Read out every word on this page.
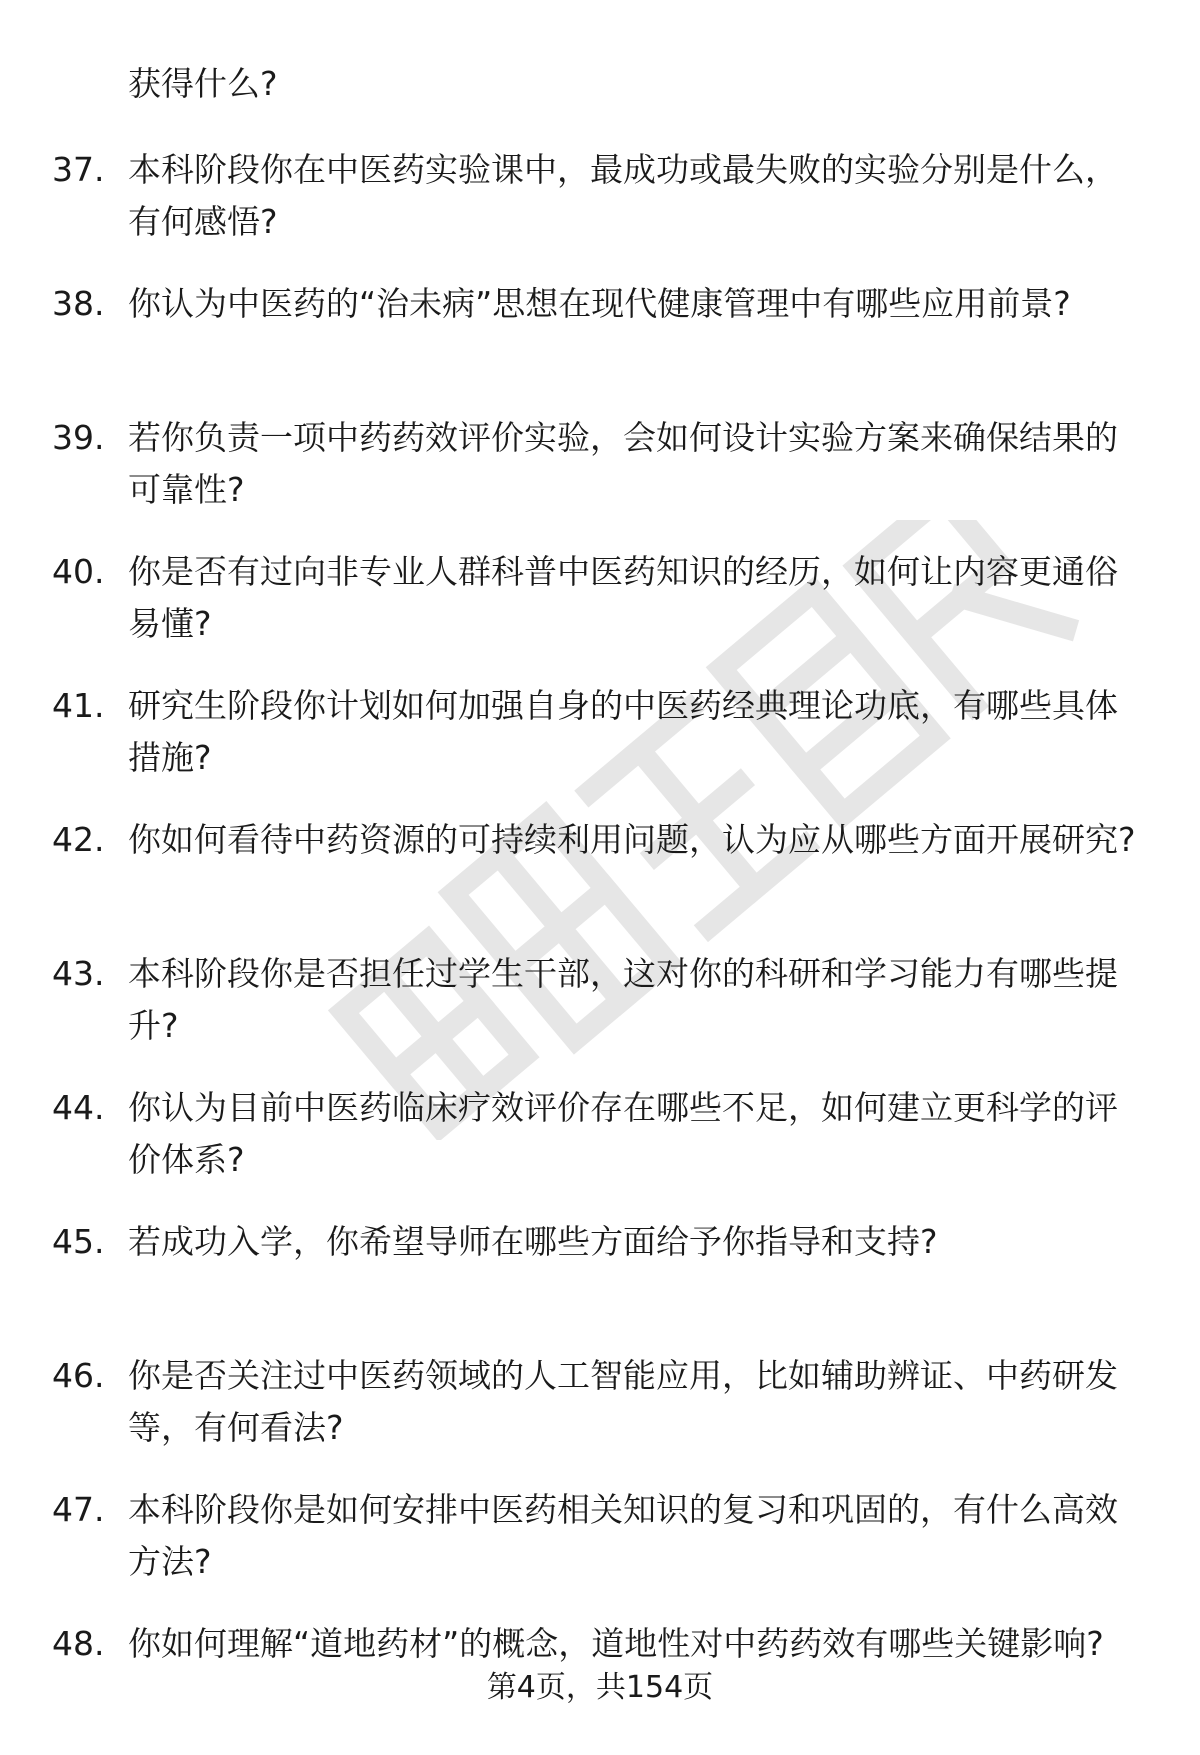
获得什么?

37. 本科阶段你在中医药实验课中，最成功或最失败的实验分别是什么，有何感悟?
38. 你认为中医药的“治未病”思想在现代健康管理中有哪些应用前景?
39. 若你负责一项中药药效评价实验，会如何设计实验方案来确保结果的可靠性?
40. 你是否有过向非专业人群科普中医药知识的经历，如何让内容更通俗易懂?
41. 研究生阶段你计划如何加强自身的中医药经典理论功底，有哪些具体措施?
42. 你如何看待中药资源的可持续利用问题，认为应从哪些方面开展研究?
43. 本科阶段你是否担任过学生干部，这对你的科研和学习能力有哪些提升?
44. 你认为目前中医药临床疗效评价存在哪些不足，如何建立更科学的评价体系?
45. 若成功入学，你希望导师在哪些方面给予你指导和支持?
46. 你是否关注过中医药领域的人工智能应用，比如辅助辨证、中药研发等，有何看法?
47. 本科阶段你是如何安排中医药相关知识的复习和巩固的，有什么高效方法?
48. 你如何理解“道地药材”的概念，道地性对中药药效有哪些关键影响?
第4页，共154页
